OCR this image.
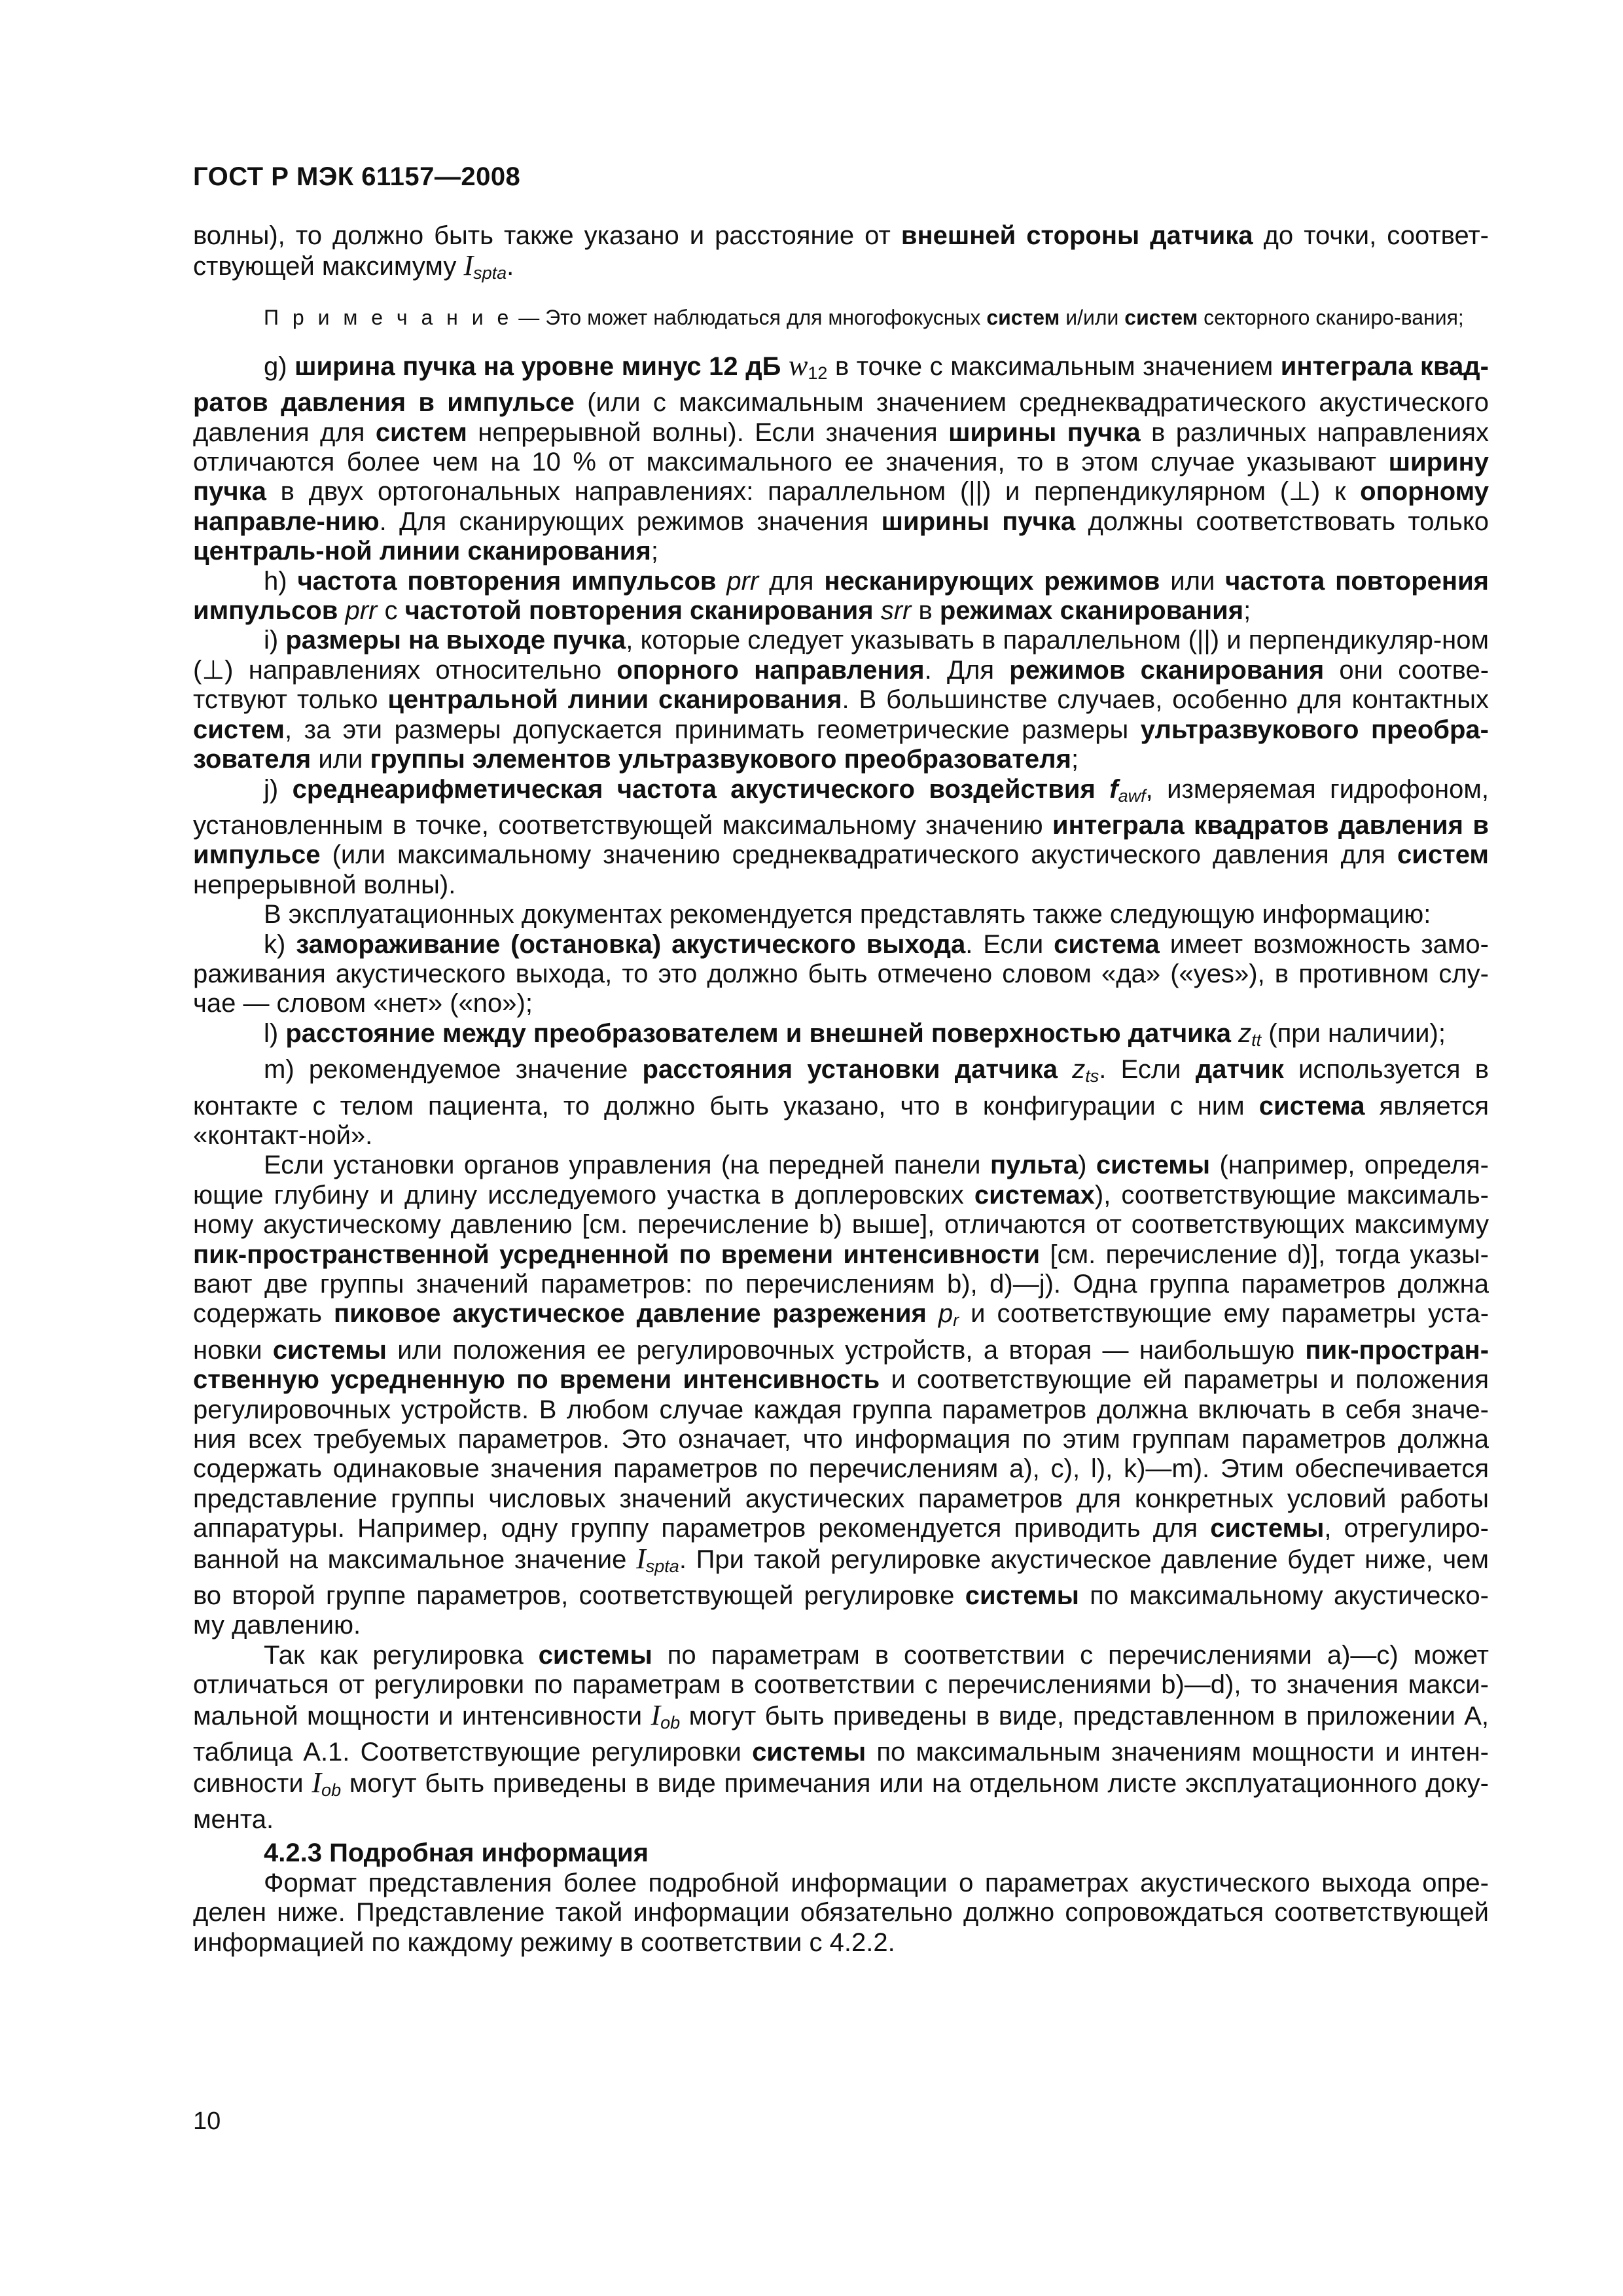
ГОСТ Р МЭК 61157—2008

волны), то должно быть также указано и расстояние от внешней стороны датчика до точки, соответ-ствующей максимуму $I_{spta}$.

П р и м е ч а н и е — Это может наблюдаться для многофокусных систем и/или систем секторного сканиро-вания;

g) ширина пучка на уровне минус 12 дБ $w_{12}$ в точке с максимальным значением интеграла квад-ратов давления в импульсе (или с максимальным значением среднеквадратического акустического давления для систем непрерывной волны). Если значения ширины пучка в различных направлениях отличаются более чем на 10 % от максимального ее значения, то в этом случае указывают ширину пучка в двух ортогональных направлениях: параллельном (||) и перпендикулярном (⊥) к опорному направле-нию. Для сканирующих режимов значения ширины пучка должны соответствовать только централь-ной линии сканирования;

h) частота повторения импульсов prr для несканирующих режимов или частота повторения импульсов prr с частотой повторения сканирования srr в режимах сканирования;

i) размеры на выходе пучка, которые следует указывать в параллельном (||) и перпендикуляр-ном (⊥) направлениях относительно опорного направления. Для режимов сканирования они соотве-тствуют только центральной линии сканирования. В большинстве случаев, особенно для контактных систем, за эти размеры допускается принимать геометрические размеры ультразвукового преобра-зователя или группы элементов ультразвукового преобразователя;

j) среднеарифметическая частота акустического воздействия $f_{awf}$, измеряемая гидрофоном, установленным в точке, соответствующей максимальному значению интеграла квадратов давления в импульсе (или максимальному значению среднеквадратического акустического давления для систем непрерывной волны).

В эксплуатационных документах рекомендуется представлять также следующую информацию:

k) замораживание (остановка) акустического выхода. Если система имеет возможность замо-раживания акустического выхода, то это должно быть отмечено словом «да» («yes»), в противном слу-чае — словом «нет» («no»);

l) расстояние между преобразователем и внешней поверхностью датчика $z_{tt}$ (при наличии);

m) рекомендуемое значение расстояния установки датчика $z_{ts}$. Если датчик используется в контакте с телом пациента, то должно быть указано, что в конфигурации с ним система является «контакт-ной».

Если установки органов управления (на передней панели пульта) системы (например, определя-ющие глубину и длину исследуемого участка в доплеровских системах), соответствующие максималь-ному акустическому давлению [см. перечисление b) выше], отличаются от соответствующих максимуму пик-пространственной усредненной по времени интенсивности [см. перечисление d)], тогда указы-вают две группы значений параметров: по перечислениям b), d)—j). Одна группа параметров должна содержать пиковое акустическое давление разрежения $p_r$ и соответствующие ему параметры уста-новки системы или положения ее регулировочных устройств, а вторая — наибольшую пик-простран-ственную усредненную по времени интенсивность и соответствующие ей параметры и положения регулировочных устройств. В любом случае каждая группа параметров должна включать в себя значе-ния всех требуемых параметров. Это означает, что информация по этим группам параметров должна содержать одинаковые значения параметров по перечислениям a), c), l), k)—m). Этим обеспечивается представление группы числовых значений акустических параметров для конкретных условий работы аппаратуры. Например, одну группу параметров рекомендуется приводить для системы, отрегулиро-ванной на максимальное значение $I_{spta}$. При такой регулировке акустическое давление будет ниже, чем во второй группе параметров, соответствующей регулировке системы по максимальному акустическо-му давлению.

Так как регулировка системы по параметрам в соответствии с перечислениями a)—c) может отличаться от регулировки по параметрам в соответствии с перечислениями b)—d), то значения макси-мальной мощности и интенсивности $I_{ob}$ могут быть приведены в виде, представленном в приложении А, таблица А.1. Соответствующие регулировки системы по максимальным значениям мощности и интен-сивности $I_{ob}$ могут быть приведены в виде примечания или на отдельном листе эксплуатационного доку-мента.

4.2.3 Подробная информация

Формат представления более подробной информации о параметрах акустического выхода опре-делен ниже. Представление такой информации обязательно должно сопровождаться соответствующей информацией по каждому режиму в соответствии с 4.2.2.

10
